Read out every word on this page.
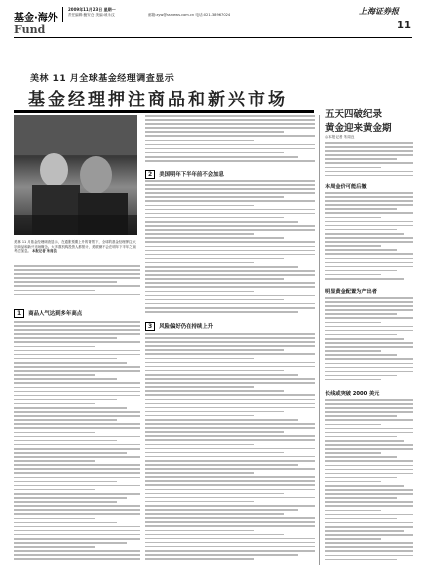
基金·海外
2009年11月23日 星期一
责任编辑:鲍安仓 美编:戚永汶	邮箱:zyw@ssnews.com.cn 电话:021-38967024	上海证券报
11
Fund
美林 11 月全球基金经理调查显示
基金经理押注商品和新兴市场
美林 11 月基金经理调查显示，在通胀预期上升的背景下，全球的基金经理押注大宗商品和新兴市场概念。大多数机构投资人都预计，美联储不会在明年下半年之前考虑加息。 本报记者 朱周良
1 商品人气达到多年高点
2 美国明年下半年前不会加息
3 风险偏好仍在持续上升
五天四破纪录
黄金迎来黄金期
◎本报记者 朱周良
本周金价可能后撤
明显黄金配置为产出者
长线或突破 2000 美元
